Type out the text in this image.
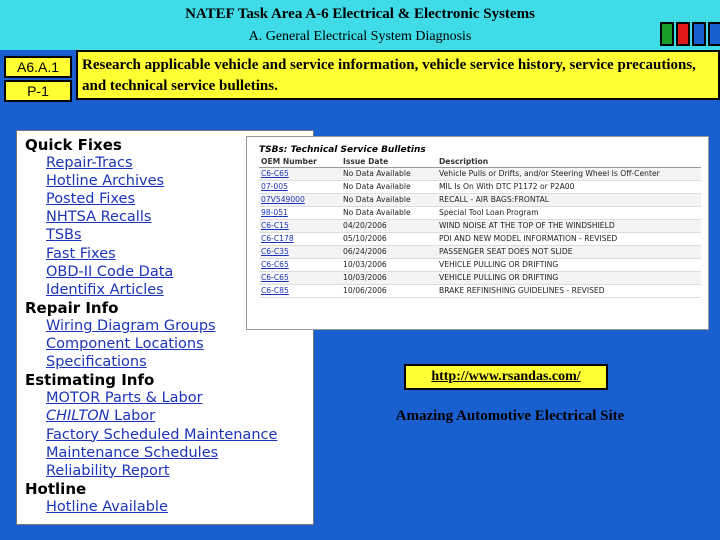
NATEF Task Area A-6 Electrical & Electronic Systems
A. General Electrical System Diagnosis
A6.A.1
P-1
Research applicable vehicle and service information, vehicle service history, service precautions, and technical service bulletins.
Quick Fixes
Repair-Tracs
Hotline Archives
Posted Fixes
NHTSA Recalls
TSBs
Fast Fixes
OBD-II Code Data
Identifix Articles
Repair Info
Wiring Diagram Groups
Component Locations
Specifications
Estimating Info
MOTOR Parts & Labor
CHILTON Labor
Factory Scheduled Maintenance
Maintenance Schedules
Reliability Report
Hotline
Hotline Available
TSBs: Technical Service Bulletins
OEM Number	Issue Date	Description
C6-C65	No Data Available	Vehicle Pulls or Drifts, and/or Steering Wheel Is Off-Center
07-005	No Data Available	MIL Is On With DTC P1172 or P2A00
07V549000	No Data Available	RECALL - AIR BAGS:FRONTAL
98-051	No Data Available	Special Tool Loan Program
C6-C15	04/20/2006	WIND NOISE AT THE TOP OF THE WINDSHIELD
C6-C178	05/10/2006	PDI AND NEW MODEL INFORMATION - REVISED
C6-C35	06/24/2006	PASSENGER SEAT DOES NOT SLIDE
C6-C65	10/03/2006	VEHICLE PULLING OR DRIFTING
C6-C65	10/03/2006	VEHICLE PULLING OR DRIFTING
C6-C85	10/06/2006	BRAKE REFINISHING GUIDELINES - REVISED
http://www.rsandas.com/
Amazing Automotive Electrical Site
